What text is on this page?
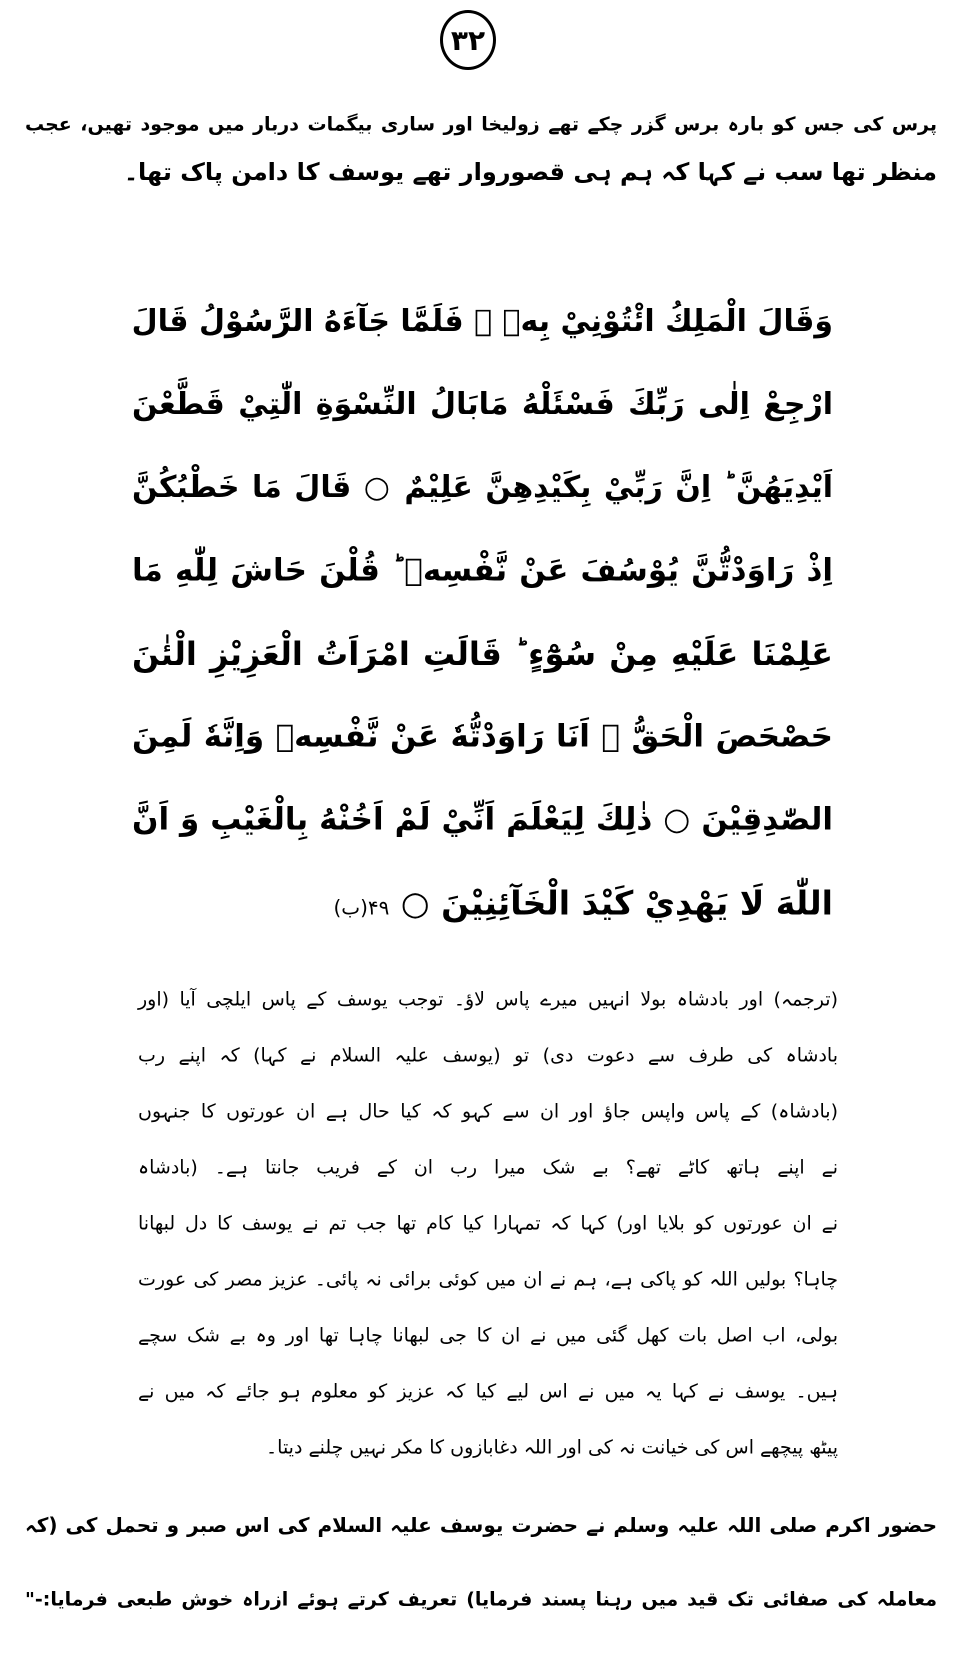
۳۲
پرس کی جس کو بارہ برس گزر چکے تھے زولیخا اور ساری بیگمات دربار میں موجود تھیں، عجب
منظر تھا سب نے کہا کہ ہم ہی قصوروار تھے یوسف کا دامن پاک تھا۔
وَقَالَ الْمَلِكُ ائْتُوْنِيْ بِهٖ ۚ فَلَمَّا جَآءَهُ الرَّسُوْلُ قَالَ
ارْجِعْ اِلٰى رَبِّكَ فَسْئَلْهُ مَابَالُ النِّسْوَةِ الّٰتِيْ قَطَّعْنَ
اَيْدِيَهُنَّ ؕ اِنَّ رَبِّيْ بِكَيْدِهِنَّ عَلِيْمٌ ○ قَالَ مَا خَطْبُكُنَّ
اِذْ رَاوَدْتُّنَّ يُوْسُفَ عَنْ نَّفْسِهٖ ؕ قُلْنَ حَاشَ لِلّٰهِ مَا
عَلِمْنَا عَلَيْهِ مِنْ سُوْٓءٍ ؕ قَالَتِ امْرَاَتُ الْعَزِيْزِ الْئٰنَ
حَصْحَصَ الْحَقُّ ؗ اَنَا رَاوَدْتُّهٗ عَنْ نَّفْسِهٖ وَاِنَّهٗ لَمِنَ
الصّٰدِقِيْنَ ○ ذٰلِكَ لِيَعْلَمَ اَنِّيْ لَمْ اَخُنْهُ بِالْغَيْبِ وَ اَنَّ
اللّٰهَ لَا يَهْدِيْ كَيْدَ الْخَآئِنِيْنَ ○ ۴۹(ب)
(ترجمہ) اور بادشاہ بولا انہیں میرے پاس لاؤ۔ توجب یوسف کے پاس ایلچی آیا (اور
بادشاہ کی طرف سے دعوت دی) تو (یوسف علیہ السلام نے کہا) کہ اپنے رب
(بادشاہ) کے پاس واپس جاؤ اور ان سے کہو کہ کیا حال ہے ان عورتوں کا جنہوں
نے اپنے ہاتھ کاٹے تھے؟ بے شک میرا رب ان کے فریب جانتا ہے۔ (بادشاہ
نے ان عورتوں کو بلایا اور) کہا کہ تمہارا کیا کام تھا جب تم نے یوسف کا دل لبھانا
چاہا؟ بولیں اللہ کو پاکی ہے، ہم نے ان میں کوئی برائی نہ پائی۔ عزیز مصر کی عورت
بولی، اب اصل بات کھل گئی میں نے ان کا جی لبھانا چاہا تھا اور وہ بے شک سچے
ہیں۔ یوسف نے کہا یہ میں نے اس لیے کیا کہ عزیز کو معلوم ہو جائے کہ میں نے
پیٹھ پیچھے اس کی خیانت نہ کی اور اللہ دغابازوں کا مکر نہیں چلنے دیتا۔
حضور اکرم صلی اللہ علیہ وسلم نے حضرت یوسف علیہ السلام کی اس صبر و تحمل کی (کہ
معاملہ کی صفائی تک قید میں رہنا پسند فرمایا) تعریف کرتے ہوئے ازراہ خوش طبعی فرمایا:-"
